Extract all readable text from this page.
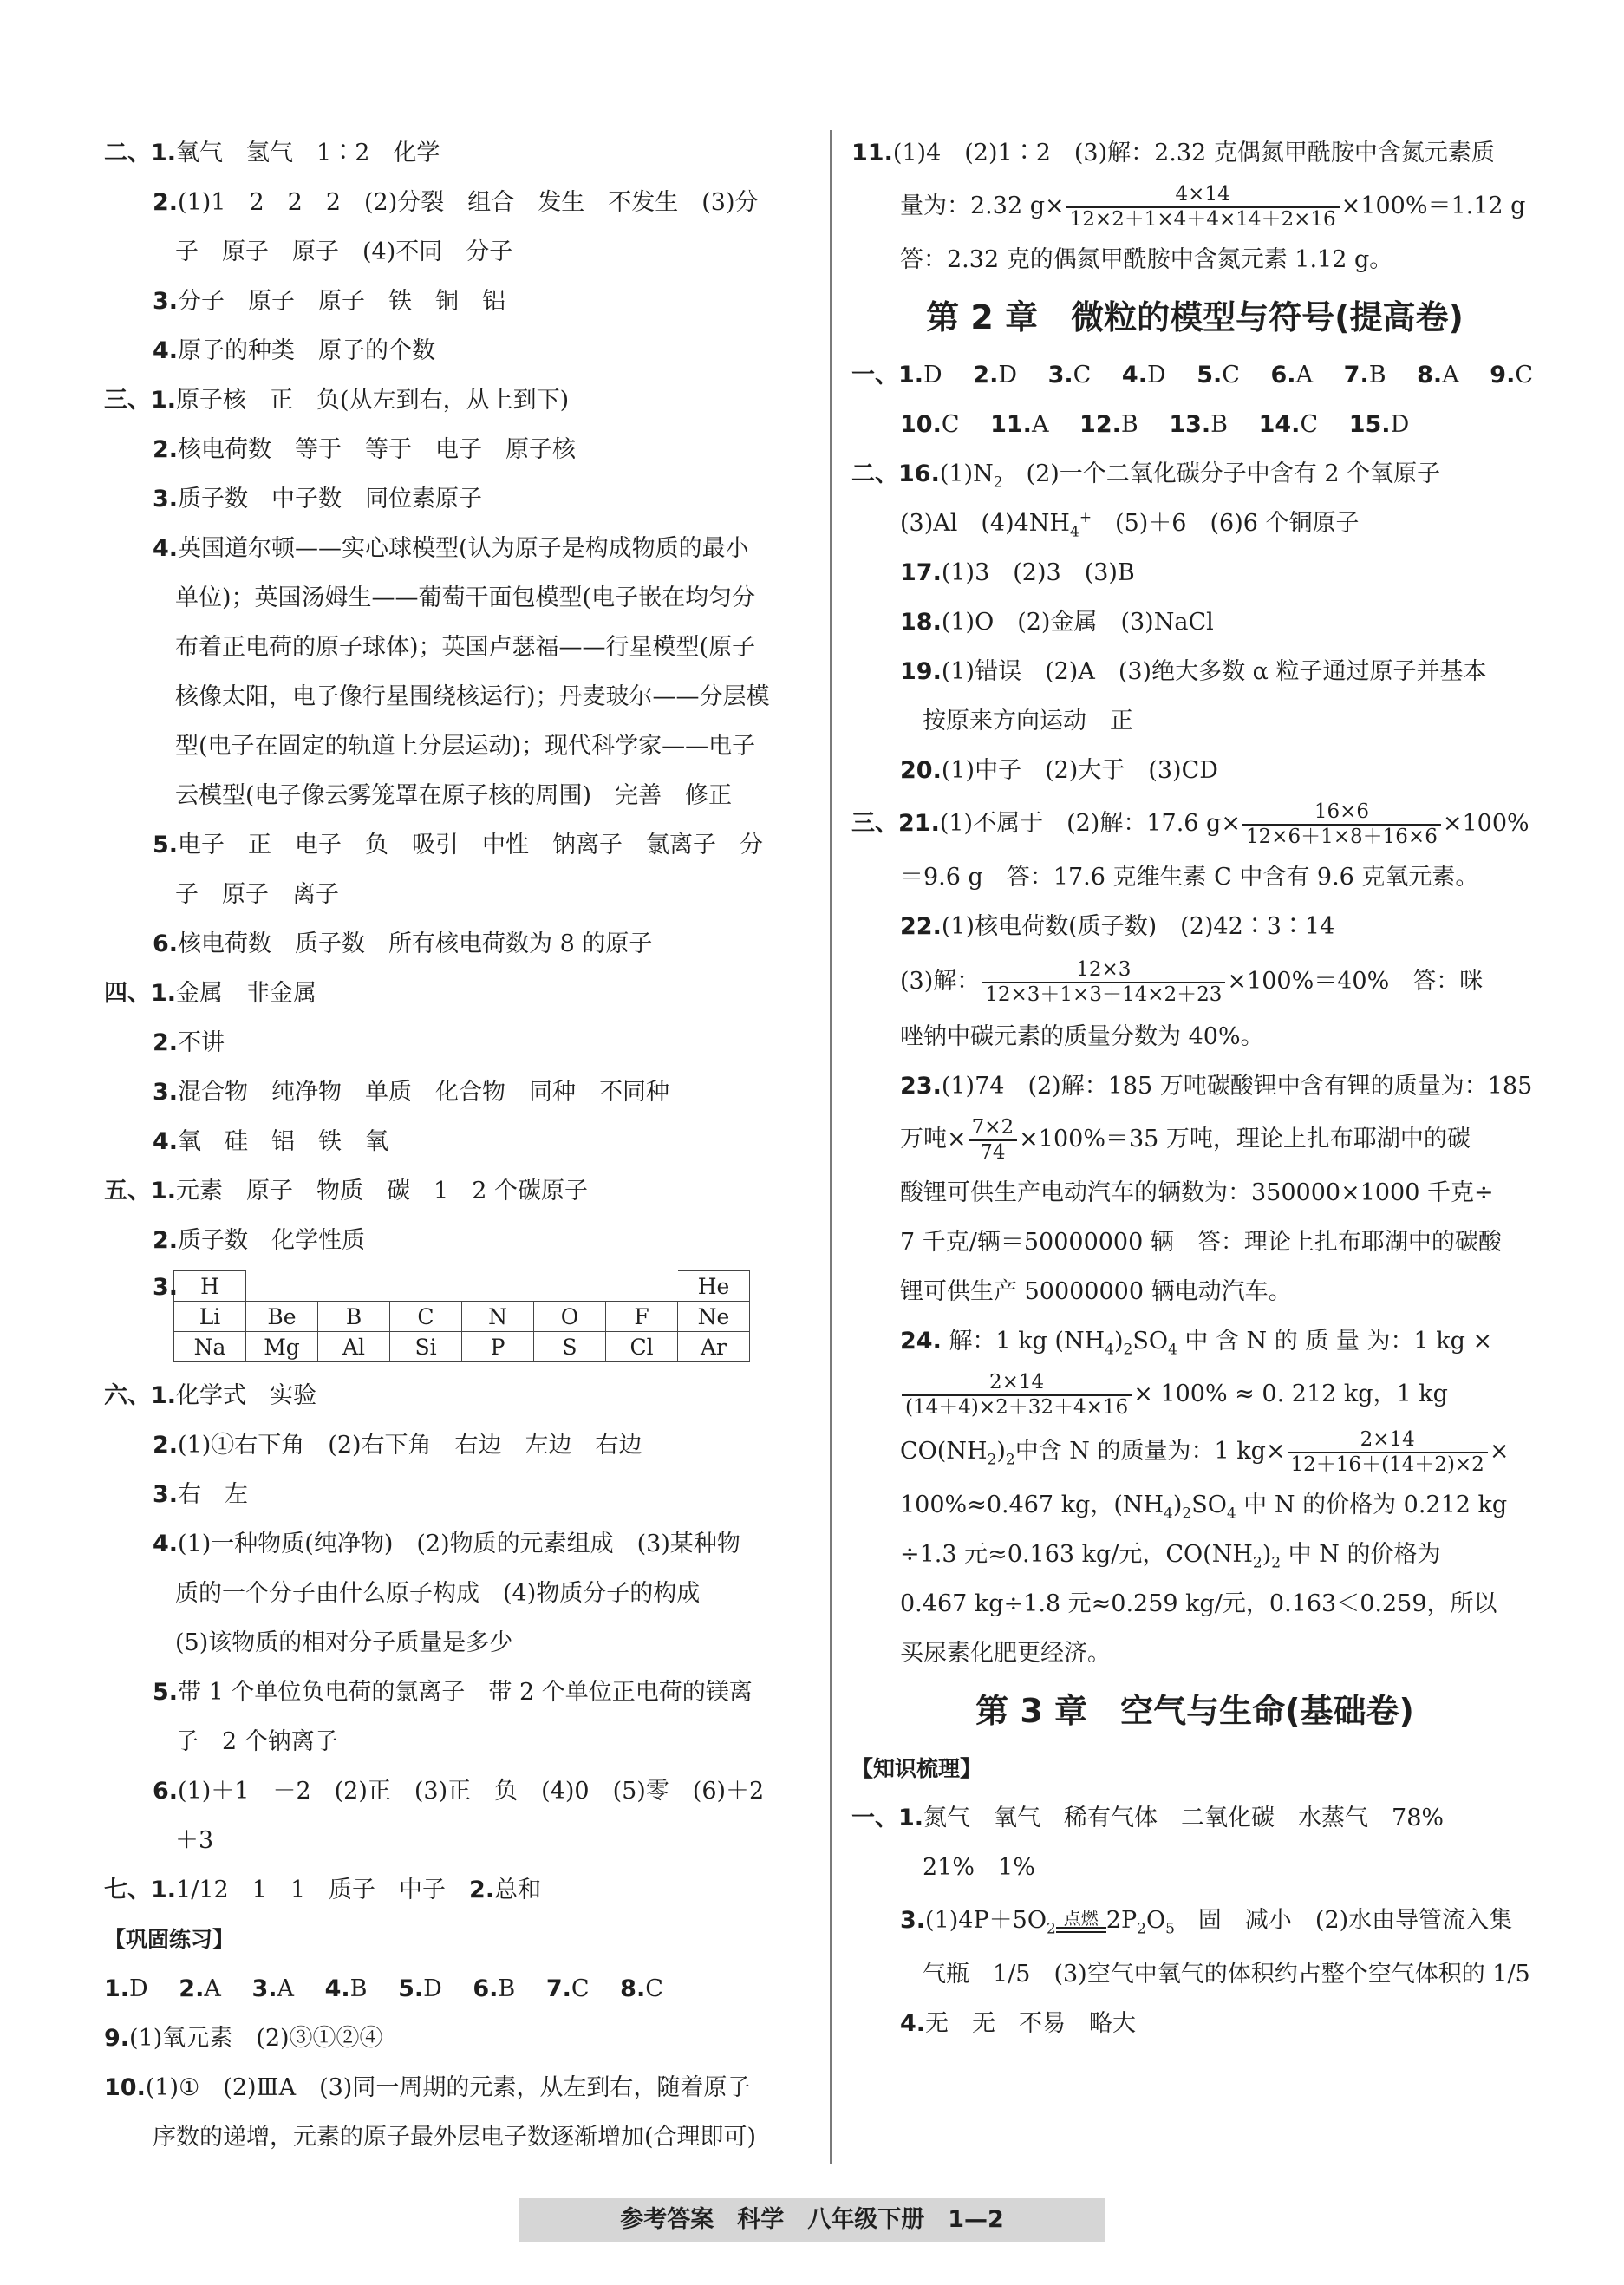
二、1.氧气　氢气　1∶2　化学
2.(1)1　2　2　2　(2)分裂　组合　发生　不发生　(3)分
子　原子　原子　(4)不同　分子
3.分子　原子　原子　铁　铜　铝
4.原子的种类　原子的个数
三、1.原子核　正　负(从左到右，从上到下)
2.核电荷数　等于　等于　电子　原子核
3.质子数　中子数　同位素原子
4.英国道尔顿——实心球模型(认为原子是构成物质的最小
单位)；英国汤姆生——葡萄干面包模型(电子嵌在均匀分
布着正电荷的原子球体)；英国卢瑟福——行星模型(原子
核像太阳，电子像行星围绕核运行)；丹麦玻尔——分层模
型(电子在固定的轨道上分层运动)；现代科学家——电子
云模型(电子像云雾笼罩在原子核的周围)　完善　修正
5.电子　正　电子　负　吸引　中性　钠离子　氯离子　分
子　原子　离子
6.核电荷数　质子数　所有核电荷数为 8 的原子
四、1.金属　非金属
2.不讲
3.混合物　纯净物　单质　化合物　同种　不同种
4.氧　硅　铝　铁　氧
五、1.元素　原子　物质　碳　1　2 个碳原子
2.质子数　化学性质
3. H							He
Li	Be	B	C	N	O	F	Ne
Na	Mg	Al	Si	P	S	Cl	Ar
六、1.化学式　实验
2.(1)①右下角　(2)右下角　右边　左边　右边
3.右　左
4.(1)一种物质(纯净物)　(2)物质的元素组成　(3)某种物
质的一个分子由什么原子构成　(4)物质分子的构成
(5)该物质的相对分子质量是多少
5.带 1 个单位负电荷的氯离子　带 2 个单位正电荷的镁离
子　2 个钠离子
6.(1)＋1　－2　(2)正　(3)正　负　(4)0　(5)零　(6)＋2
＋3
七、1.1/12　1　1　质子　中子　2.总和
【巩固练习】
1.D　 2.A　 3.A　 4.B　 5.D　 6.B　 7.C　 8.C
9.(1)氧元素　(2)③①②④
10.(1)①　(2)ⅢA　(3)同一周期的元素，从左到右，随着原子
序数的递增，元素的原子最外层电子数逐渐增加(合理即可)
11.(1)4　(2)1∶2　(3)解：2.32 克偶氮甲酰胺中含氮元素质
量为：2.32 $g\times \frac{4\times 14}{12\times 2+1\times 4+4\times 14+2\times 16} \times 100\%=1.12$ g
答：2.32 克的偶氮甲酰胺中含氮元素 1.12 g。
第 2 章　微粒的模型与符号(提高卷)
一、1.D　 2.D　 3.C　 4.D　 5.C　 6.A　 7.B　 8.A　 9.C
10.C　 11.A　 12.B　 13.B　 14.C　 15.D
二、$16.(1)N_2$　(2)一个二氧化碳分子中含有 2 个氧原子
(3)Al　$(4)4NH_4^+$　(5)＋6　(6)6 个铜原子
17.(1)3　(2)3　(3)B
18.(1)O　(2)金属　(3)NaCl
19.(1)错误　(2)A　(3)绝大多数 α 粒子通过原子并基本
按原来方向运动　正
20.(1)中子　(2)大于　(3)CD
三、21.(1)不属于　(2)解：17.6 $g\times \frac{16\times 6}{12\times 6+1\times 8+16\times 6} \times 100\%$
＝9.6 g　答：17.6 克维生素 C 中含有 9.6 克氧元素。
22.(1)核电荷数(质子数)　(2)42∶3∶14
(3)解： $\frac{12\times 3}{12\times 3+1\times 3+14\times 2+23} \times 100\%=40\%$　答：咪
唑钠中碳元素的质量分数为 40%。
23.(1)74　(2)解：185 万吨碳酸锂中含有锂的质量为：185
万吨× $\frac{7\times 2}{74} \times 100\%=35$ 万吨，理论上扎布耶湖中的碳
酸锂可供生产电动汽车的辆数为：350000×1000 千克÷
7 千克/辆＝50000000 辆　答：理论上扎布耶湖中的碳酸
锂可供生产 50000000 辆电动汽车。
24. 解：1 kg $(NH_4)_2SO_4$ 中 含 N 的 质 量 为：1 kg ×
$\frac{2\times 14}{(14+4)\times 2+32+4\times 16} \times 100\% \approx 0$. 212 kg，1 kg
$CO(NH_2)_2$中含 N 的质量为：1 $kg\times \frac{2\times 14}{12+16+(14+2)\times 2}$ ×
100%≈0.467 kg，$(NH_4)_2SO_4$ 中 N 的价格为 0.212 kg
÷1.3 元≈0.163 kg/元，$CO(NH_2)_2$ 中 N 的价格为
0.467 kg÷1.8 元≈0.259 kg/元，0.163＜0.259，所以
买尿素化肥更经济。
第 3 章　空气与生命(基础卷)
【知识梳理】
一、1.氮气　氧气　稀有气体　二氧化碳　水蒸气　78%
21%　1%
$3.(1)4P+5O_2$
点燃 $2P_2O_5$　固　减小　(2)水由导管流入集
气瓶　1/5　(3)空气中氧气的体积约占整个空气体积的 1/5
4.无　无　不易　略大
参考答案　科学　八年级下册　1—2
